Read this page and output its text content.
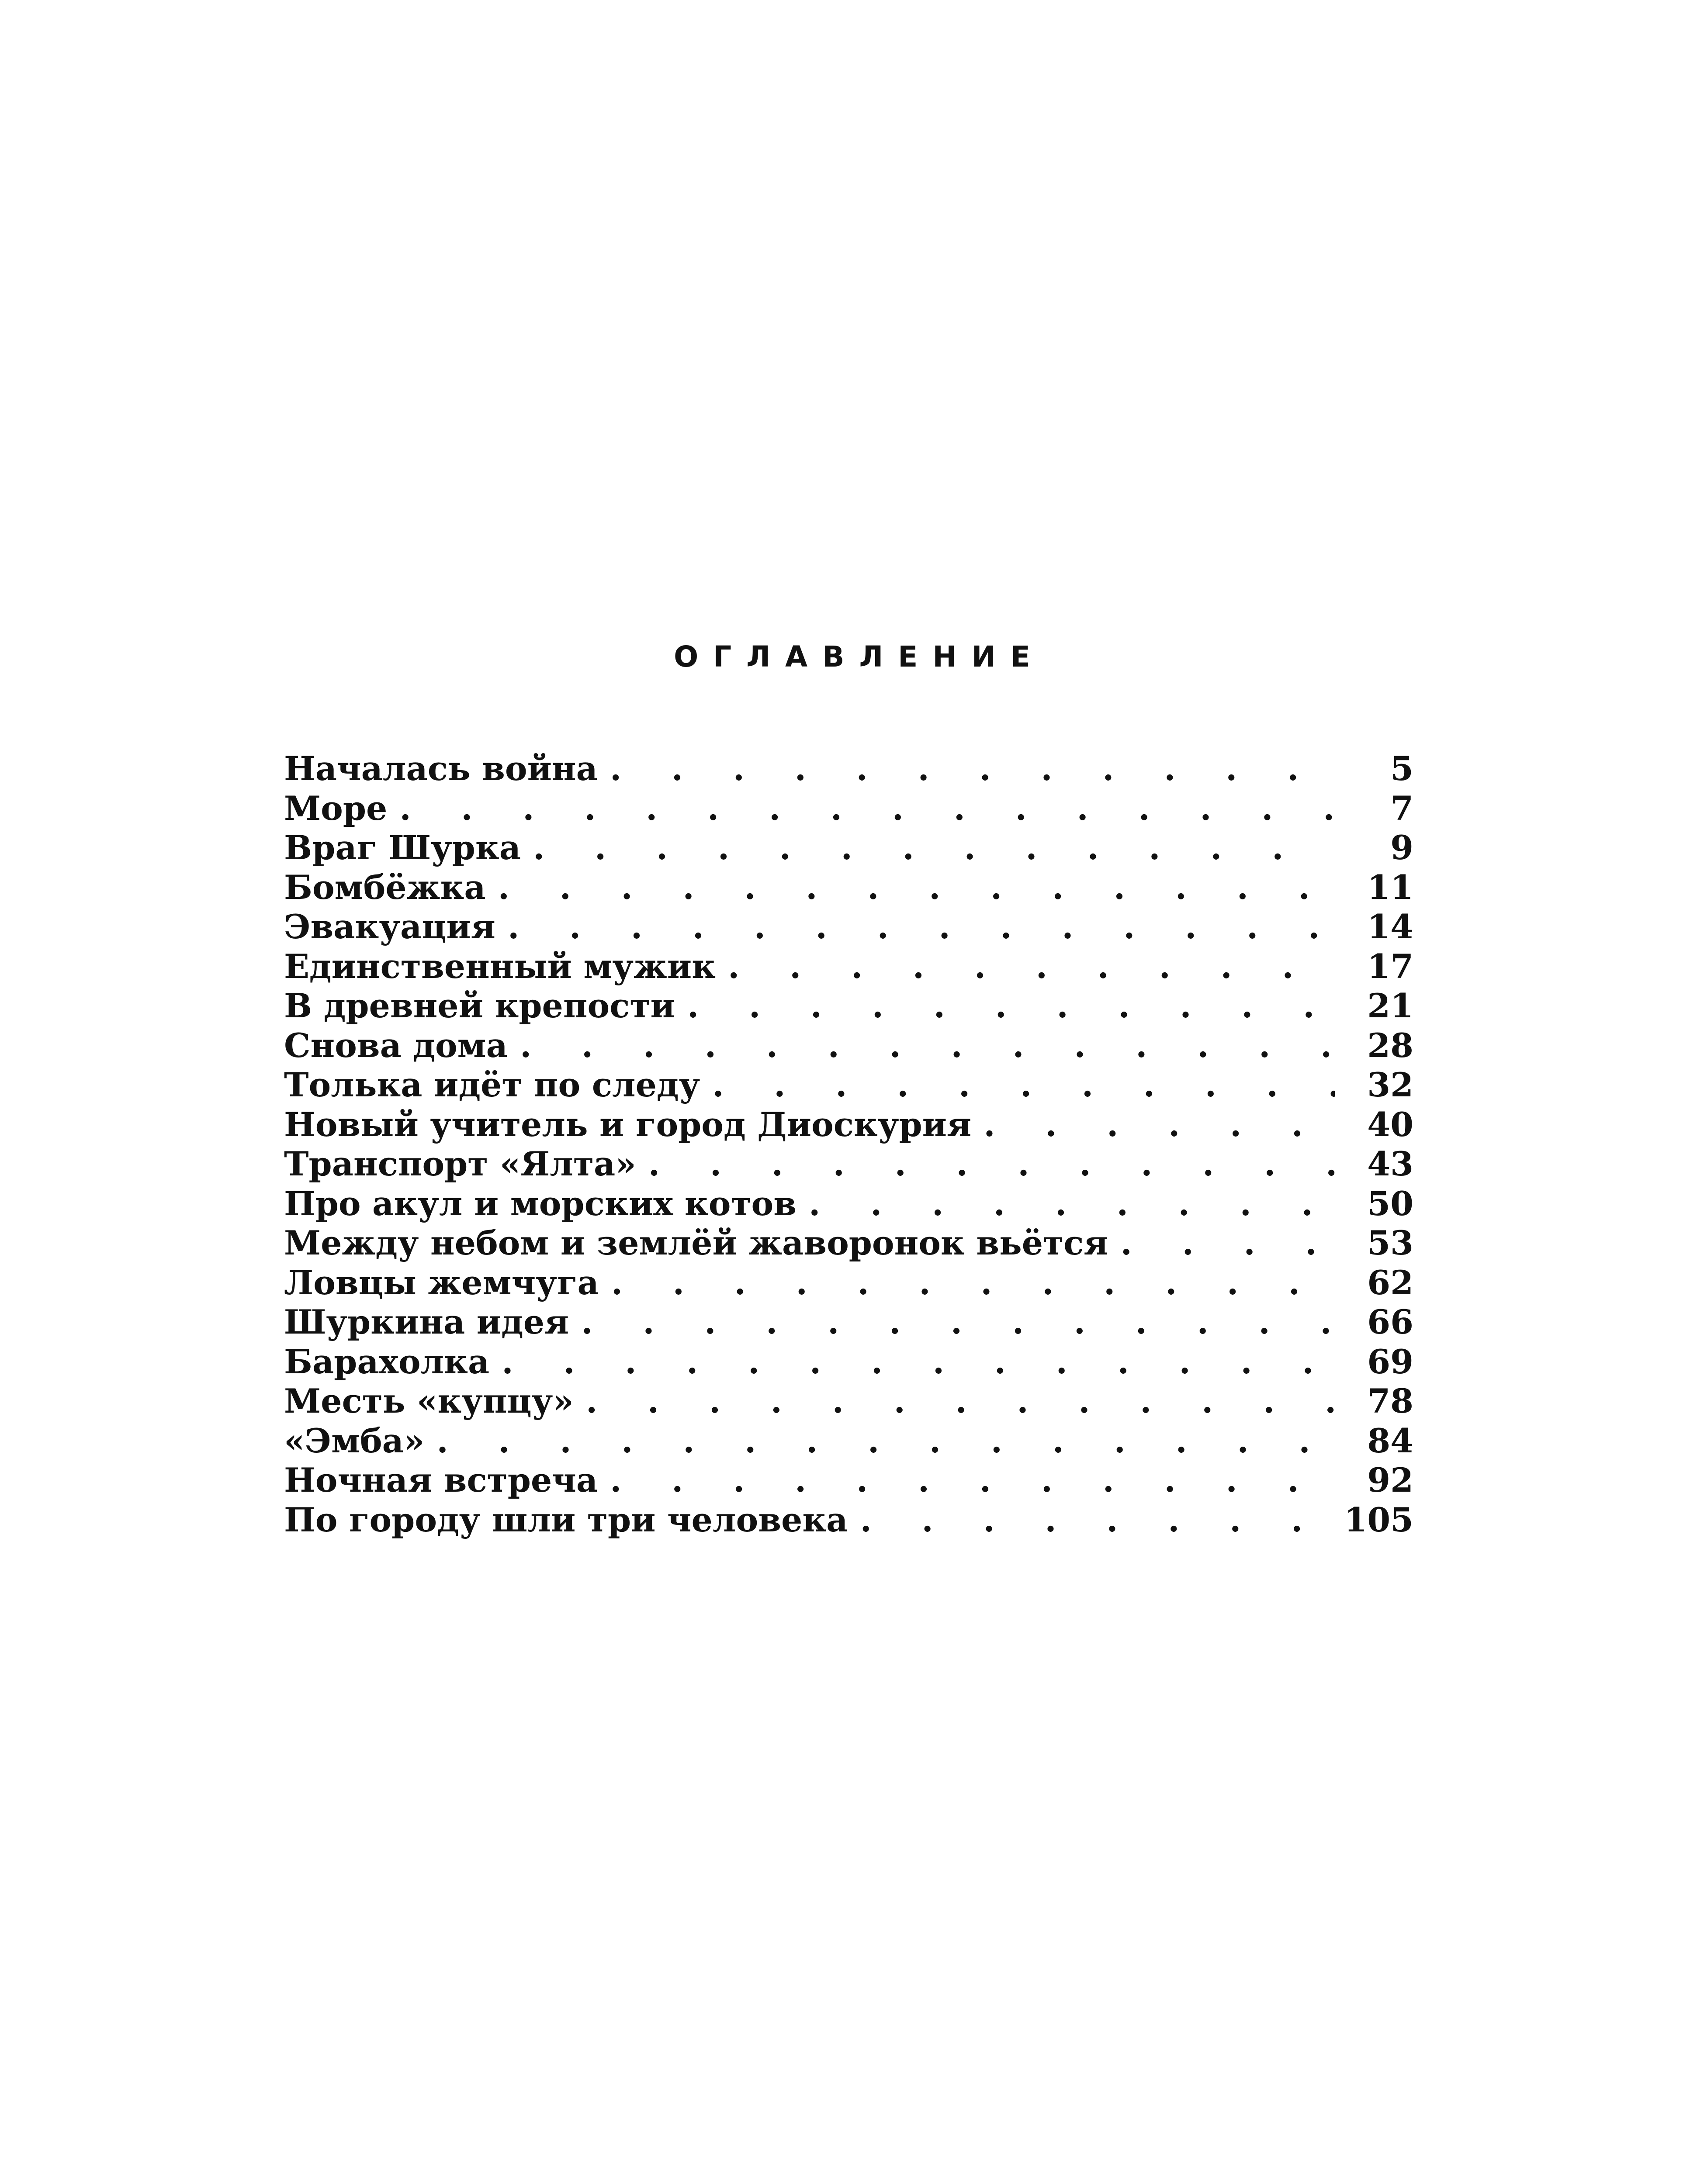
ОГЛАВЛЕНИЕ
Началась война . . .	5
Море . . .	7
Враг Шурка . . .	9
Бомбёжка . . .	11
Эвакуация . . .	14
Единственный мужик . . .	17
В древней крепости . . .	21
Снова дома . . .	28
Толька идёт по следу . . .	32
Новый учитель и город Диоскурия . . .	40
Транспорт «Ялта» . . .	43
Про акул и морских котов . . .	50
Между небом и землёй жаворонок вьётся . . .	53
Ловцы жемчуга . . .	62
Шуркина идея . . .	66
Барахолка . . .	69
Месть «купцу» . . .	78
«Эмба» . . .	84
Ночная встреча . . .	92
По городу шли три человека . . .	105
